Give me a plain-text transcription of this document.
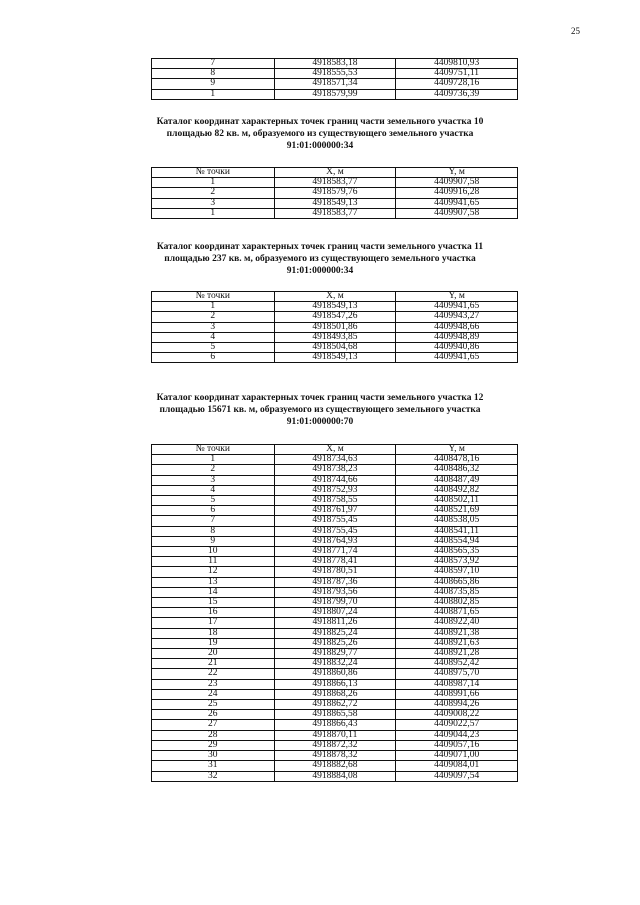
25
7	4918583,18	4409810,93
8	4918555,53	4409751,11
9	4918571,34	4409728,16
1	4918579,99	4409736,39
Каталог координат характерных точек границ части земельного участка 10
площадью 82 кв. м, образуемого из существующего земельного участка
91:01:000000:34
№ точки	X, м	Y, м
1	4918583,77	4409907,58
2	4918579,76	4409916,28
3	4918549,13	4409941,65
1	4918583,77	4409907,58
Каталог координат характерных точек границ части земельного участка 11
площадью 237 кв. м, образуемого из существующего земельного участка
91:01:000000:34
№ точки	X, м	Y, м
1	4918549,13	4409941,65
2	4918547,26	4409943,27
3	4918501,86	4409948,66
4	4918493,85	4409948,89
5	4918504,68	4409940,86
6	4918549,13	4409941,65
Каталог координат характерных точек границ части земельного участка 12
площадью 15671 кв. м, образуемого из существующего земельного участка
91:01:000000:70
№ точки	X, м	Y, м
1	4918734,63	4408478,16
2	4918738,23	4408486,32
3	4918744,66	4408487,49
4	4918752,93	4408492,82
5	4918758,55	4408502,11
6	4918761,97	4408521,69
7	4918755,45	4408538,05
8	4918755,45	4408541,11
9	4918764,93	4408554,94
10	4918771,74	4408565,35
11	4918778,41	4408573,92
12	4918780,51	4408597,10
13	4918787,36	4408665,86
14	4918793,56	4408735,85
15	4918799,70	4408802,85
16	4918807,24	4408871,65
17	4918811,26	4408922,40
18	4918825,24	4408921,38
19	4918825,26	4408921,63
20	4918829,77	4408921,28
21	4918832,24	4408952,42
22	4918860,86	4408975,70
23	4918866,13	4408987,14
24	4918868,26	4408991,66
25	4918862,72	4408994,26
26	4918865,58	4409008,22
27	4918866,43	4409022,57
28	4918870,11	4409044,23
29	4918872,32	4409057,16
30	4918878,32	4409071,00
31	4918882,68	4409084,01
32	4918884,08	4409097,54
